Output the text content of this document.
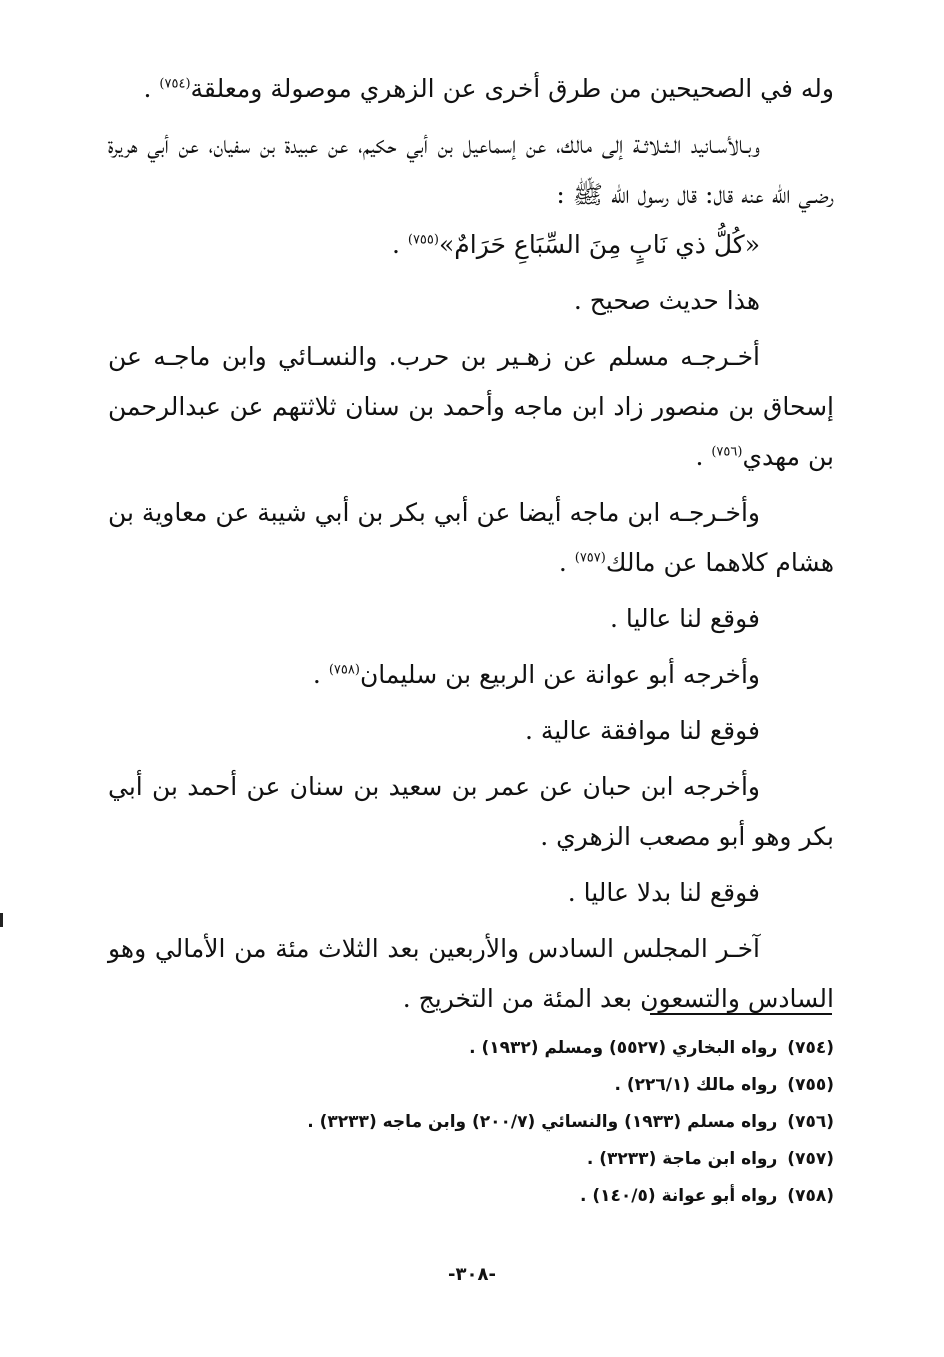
وله في الصحيحين من طرق أخرى عن الزهري موصولة ومعلقة$^{(٧٥٤)}$ .

وبـالأسـانيد الـثـلاثـة إلى مالك، عن إسماعيل بن أبي حكيم، عن عبيدة بن سفيان، عن أبي هريرة رضـي الله عنه قال: قال رسول الله ﷺ :
«كُلُّ ذي نَابٍ مِنَ السِّبَاعِ حَرَامٌ»$^{(٧٥٥)}$ .

هذا حديث صحيح .

أخـرجـه مسلم عن زهـير بن حرب. والنسـائي وابن ماجـه عن إسحاق بن منصور زاد ابن ماجه وأحمد بن سنان ثلاثتهم عن عبدالرحمن بن مهدي$^{(٧٥٦)}$ .

وأخـرجـه ابن ماجه أيضا عن أبي بكر بن أبي شيبة عن معاوية بن هشام كلاهما عن مالك$^{(٧٥٧)}$ .

فوقع لنا عاليا .

وأخرجه أبو عوانة عن الربيع بن سليمان$^{(٧٥٨)}$ .

فوقع لنا موافقة عالية .

وأخرجه ابن حبان عن عمر بن سعيد بن سنان عن أحمد بن أبي بكر وهو أبو مصعب الزهري .

فوقع لنا بدلا عاليا .

آخـر المجلس السادس والأربعين بعد الثلاث مئة من الأمالي وهو السادس والتسعون بعد المئة من التخريج .

(٧٥٤)رواه البخاري (٥٥٢٧) ومسلم (١٩٣٢) .
(٧٥٥)رواه مالك (٢٢٦/١) .
(٧٥٦)رواه مسلم (١٩٣٣) والنسائي (٢٠٠/٧) وابن ماجه (٣٢٣٣) .
(٧٥٧)رواه ابن ماجة (٣٢٣٣) .
(٧٥٨)رواه أبو عوانة (١٤٠/٥) .
-٣٠٨-
